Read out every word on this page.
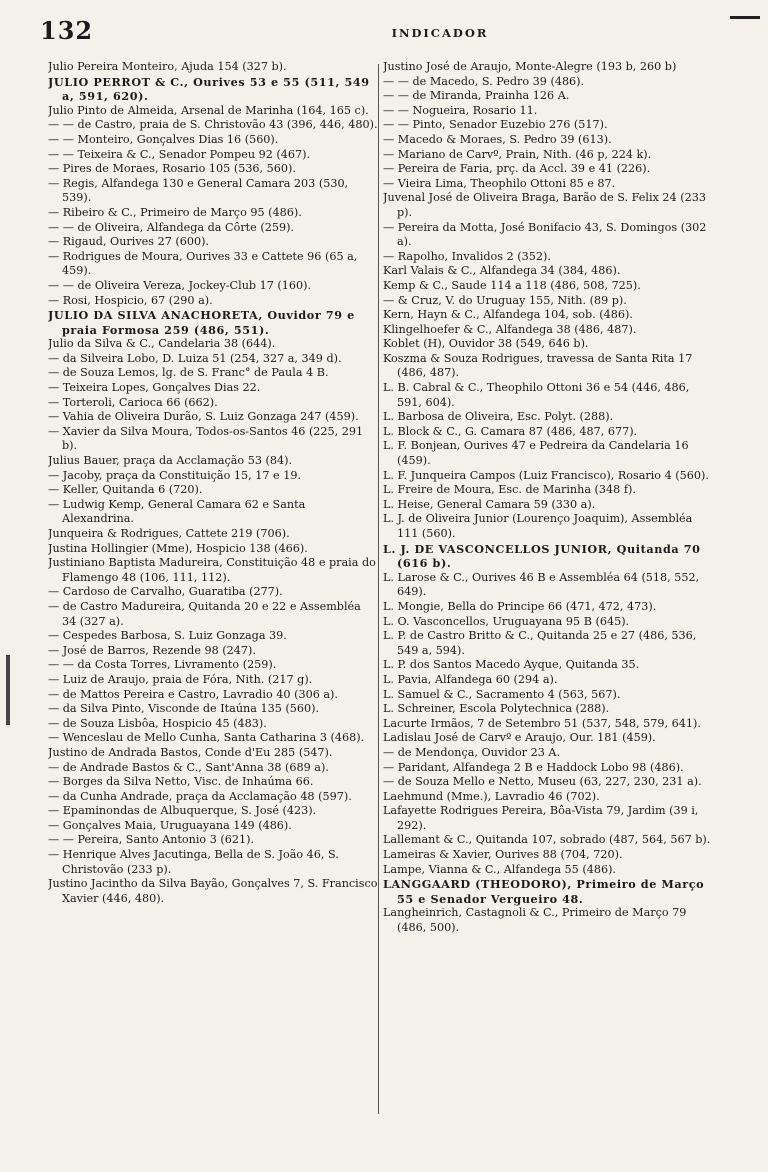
132	INDICADOR
Julio Pereira Monteiro, Ajuda 154 (327 b).
JULIO PERROT & C., Ourives 53 e 55 (511, 549 a, 591, 620).
Julio Pinto de Almeida, Arsenal de Marinha (164, 165 c).
— — de Castro, praia de S. Christovão 43 (396, 446, 480).
— — Monteiro, Gonçalves Dias 16 (560).
— — Teixeira & C., Senador Pompeu 92 (467).
— Pires de Moraes, Rosario 105 (536, 560).
— Regis, Alfandega 130 e General Camara 203 (530, 539).
— Ribeiro & C., Primeiro de Março 95 (486).
— — de Oliveira, Alfandega da Côrte (259).
— Rigaud, Ourives 27 (600).
— Rodrigues de Moura, Ourives 33 e Cattete 96 (65 a, 459).
— — de Oliveira Vereza, Jockey-Club 17 (160).
— Rosi, Hospicio, 67 (290 a).
JULIO DA SILVA ANACHORETA, Ouvidor 79 e praia Formosa 259 (486, 551).
Julio da Silva & C., Candelaria 38 (644).
— da Silveira Lobo, D. Luiza 51 (254, 327 a, 349 d).
— de Souza Lemos, lg. de S. Franc° de Paula 4 B.
— Teixeira Lopes, Gonçalves Dias 22.
— Torteroli, Carioca 66 (662).
— Vahia de Oliveira Durão, S. Luiz Gonzaga 247 (459).
— Xavier da Silva Moura, Todos-os-Santos 46 (225, 291 b).
Julius Bauer, praça da Acclamação 53 (84).
— Jacoby, praça da Constituição 15, 17 e 19.
— Keller, Quitanda 6 (720).
— Ludwig Kemp, General Camara 62 e Santa Alexandrina.
Junqueira & Rodrigues, Cattete 219 (706).
Justina Hollingier (Mme), Hospicio 138 (466).
Justiniano Baptista Madureira, Constituição 48 e praia do Flamengo 48 (106, 111, 112).
— Cardoso de Carvalho, Guaratiba (277).
— de Castro Madureira, Quitanda 20 e 22 e Assembléa 34 (327 a).
— Cespedes Barbosa, S. Luiz Gonzaga 39.
— José de Barros, Rezende 98 (247).
— — da Costa Torres, Livramento (259).
— Luiz de Araujo, praia de Fóra, Nith. (217 g).
— de Mattos Pereira e Castro, Lavradio 40 (306 a).
— da Silva Pinto, Visconde de Itaúna 135 (560).
— de Souza Lisbôa, Hospicio 45 (483).
— Wenceslau de Mello Cunha, Santa Catharina 3 (468).
Justino de Andrada Bastos, Conde d'Eu 285 (547).
— de Andrade Bastos & C., Sant'Anna 38 (689 a).
— Borges da Silva Netto, Visc. de Inhaúma 66.
— da Cunha Andrade, praça da Acclamação 48 (597).
— Epaminondas de Albuquerque, S. José (423).
— Gonçalves Maia, Uruguayana 149 (486).
— — Pereira, Santo Antonio 3 (621).
— Henrique Alves Jacutinga, Bella de S. João 46, S. Christovão (233 p).
Justino Jacintho da Silva Bayão, Gonçalves 7, S. Francisco Xavier (446, 480).
Justino José de Araujo, Monte-Alegre (193 b, 260 b)
— — de Macedo, S. Pedro 39 (486).
— — de Miranda, Prainha 126 A.
— — Nogueira, Rosario 11.
— — Pinto, Senador Euzebio 276 (517).
— Macedo & Moraes, S. Pedro 39 (613).
— Mariano de Carvº, Prain, Nith. (46 p, 224 k).
— Pereira de Faria, prç. da Accl. 39 e 41 (226).
— Vieira Lima, Theophilo Ottoni 85 e 87.
Juvenal José de Oliveira Braga, Barão de S. Felix 24 (233 p).
— Pereira da Motta, José Bonifacio 43, S. Domingos (302 a).
— Rapolho, Invalidos 2 (352).
Karl Valais & C., Alfandega 34 (384, 486).
Kemp & C., Saude 114 a 118 (486, 508, 725).
— & Cruz, V. do Uruguay 155, Nith. (89 p).
Kern, Hayn & C., Alfandega 104, sob. (486).
Klingelhoefer & C., Alfandega 38 (486, 487).
Koblet (H), Ouvidor 38 (549, 646 b).
Koszma & Souza Rodrigues, travessa de Santa Rita 17 (486, 487).
L. B. Cabral & C., Theophilo Ottoni 36 e 54 (446, 486, 591, 604).
L. Barbosa de Oliveira, Esc. Polyt. (288).
L. Block & C., G. Camara 87 (486, 487, 677).
L. F. Bonjean, Ourives 47 e Pedreira da Candelaria 16 (459).
L. F. Junqueira Campos (Luiz Francisco), Rosario 4 (560).
L. Freire de Moura, Esc. de Marinha (348 f).
L. Heise, General Camara 59 (330 a).
L. J. de Oliveira Junior (Lourenço Joaquim), Assembléa 111 (560).
L. J. DE VASCONCELLOS JUNIOR, Quitanda 70 (616 b).
L. Larose & C., Ourives 46 B e Assembléa 64 (518, 552, 649).
L. Mongie, Bella do Principe 66 (471, 472, 473).
L. O. Vasconcellos, Uruguayana 95 B (645).
L. P. de Castro Britto & C., Quitanda 25 e 27 (486, 536, 549 a, 594).
L. P. dos Santos Macedo Ayque, Quitanda 35.
L. Pavia, Alfandega 60 (294 a).
L. Samuel & C., Sacramento 4 (563, 567).
L. Schreiner, Escola Polytechnica (288).
Lacurte Irmãos, 7 de Setembro 51 (537, 548, 579, 641).
Ladislau José de Carvº e Araujo, Our. 181 (459).
— de Mendonça, Ouvidor 23 A.
— Paridant, Alfandega 2 B e Haddock Lobo 98 (486).
— de Souza Mello e Netto, Museu (63, 227, 230, 231 a).
Laehmund (Mme.), Lavradio 46 (702).
Lafayette Rodrigues Pereira, Bôa-Vista 79, Jardim (39 i, 292).
Lallemant & C., Quitanda 107, sobrado (487, 564, 567 b).
Lameiras & Xavier, Ourives 88 (704, 720).
Lampe, Vianna & C., Alfandega 55 (486).
LANGGAARD (THEODORO), Primeiro de Março 55 e Senador Vergueiro 48.
Langheinrich, Castagnoli & C., Primeiro de Março 79 (486, 500).
